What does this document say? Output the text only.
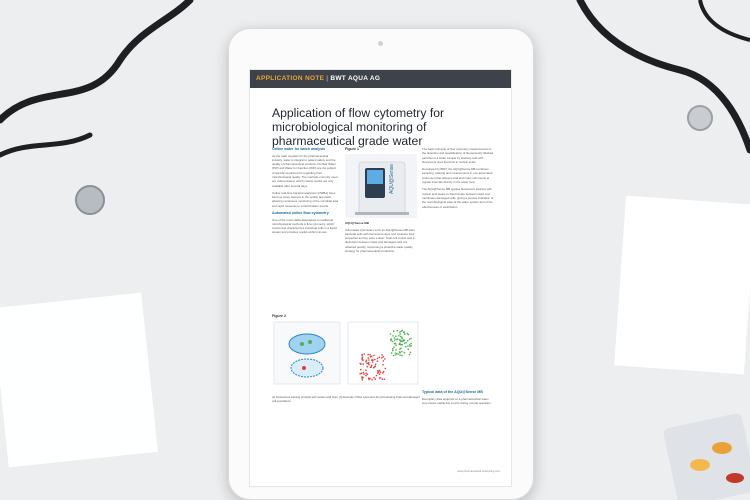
APPLICATION NOTE | BWT AQUA AG
Application of flow cytometry for microbiological monitoring of pharmaceutical grade water

Online water for batch analysis

As the main supplies for the pharmaceutical industry, water is integral to patient safety and the quality of pharmaceutical products. Purified Water (PW) and Water for Injection (WFI) are the subject of specific requirements regarding their microbiological quality. The methods currently used are culture-based, which means results are only available after several days.

Online real-time bacteria analyzers (OWBA) have become a key element in the quality approach, allowing continuous monitoring of the microbial load and rapid response to contamination events.

Automated online flow cytometry

One of the most viable alternatives to traditional microbiological methods is flow cytometry, which counts and characterizes individual cells in a liquid stream and provides results within minutes.

Figure 1
AQU@Sense
AQU@Sense MB

Automated cytometers such as AQU@Sense MB stain bacterial cells with fluorescent dyes and measure their properties as they pass a laser. Total cell counts and a distinction between intact and damaged cells are obtained quickly, supporting a proactive water quality strategy for pharmaceutical production.

The basic principle of flow cytometry measurements is the detection and quantification of fluorescently labelled particles in a water sample by staining cells with fluorescent dyes that bind to nucleic acids.

Developed by BWT, the AQU@Sense MB combines sampling, staining and measurement in one automated instrument that delivers total and intact cell counts at regular intervals directly in the water loop.

The AQU@Sense MB applies fluorescent staining with nucleic acid stains to discriminate between intact and membrane-damaged cells, giving a precise indication of the microbiological state of the water system and of the effectiveness of sanitization.

Figure 2
(a) Fluorescent staining principle with nucleic acid dyes; (b) Example of flow cytometric dot plot showing intact and damaged cell populations.

Typical data of the AQU@Sense MB

Exemplary data acquired on a pharmaceutical water loop shows stable low counts during normal operation.

www.pharmaceutical-networking.com
